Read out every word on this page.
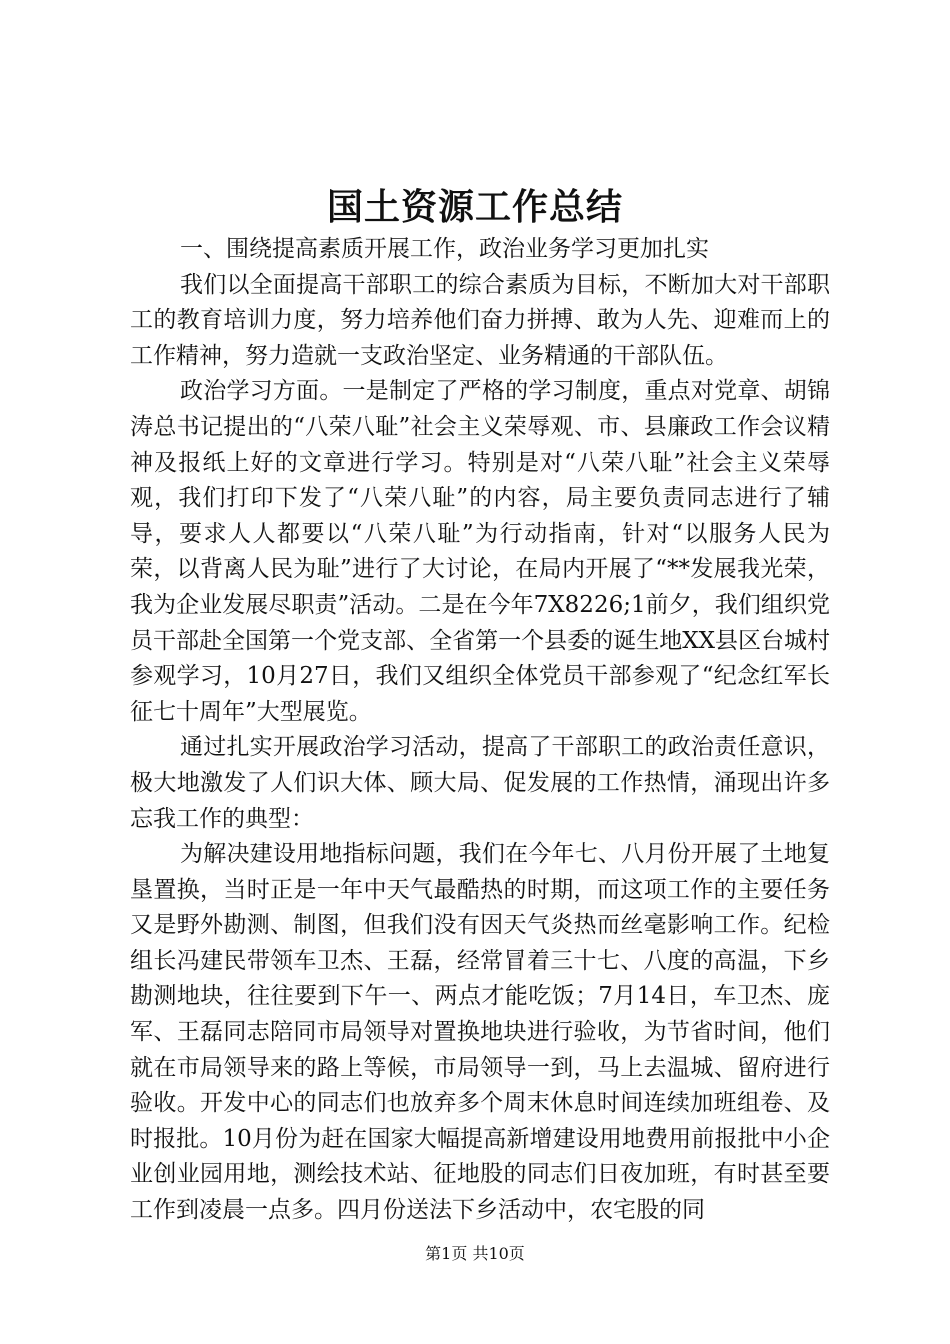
国土资源工作总结

一、围绕提高素质开展工作，政治业务学习更加扎实

我们以全面提高干部职工的综合素质为目标，不断加大对干部职工的教育培训力度，努力培养他们奋力拼搏、敢为人先、迎难而上的工作精神，努力造就一支政治坚定、业务精通的干部队伍。

政治学习方面。一是制定了严格的学习制度，重点对党章、胡锦涛总书记提出的“八荣八耻”社会主义荣辱观、市、县廉政工作会议精神及报纸上好的文章进行学习。特别是对“八荣八耻”社会主义荣辱观，我们打印下发了“八荣八耻”的内容，局主要负责同志进行了辅导，要求人人都要以“八荣八耻”为行动指南，针对“以服务人民为荣，以背离人民为耻”进行了大讨论，在局内开展了“**发展我光荣，我为企业发展尽职责”活动。二是在今年7X8226;1前夕，我们组织党员干部赴全国第一个党支部、全省第一个县委的诞生地XX县区台城村参观学习，10月27日，我们又组织全体党员干部参观了“纪念红军长征七十周年”大型展览。

通过扎实开展政治学习活动，提高了干部职工的政治责任意识，极大地激发了人们识大体、顾大局、促发展的工作热情，涌现出许多忘我工作的典型：

为解决建设用地指标问题，我们在今年七、八月份开展了土地复垦置换，当时正是一年中天气最酷热的时期，而这项工作的主要任务又是野外勘测、制图，但我们没有因天气炎热而丝毫影响工作。纪检组长冯建民带领车卫杰、王磊，经常冒着三十七、八度的高温，下乡勘测地块，往往要到下午一、两点才能吃饭；7月14日，车卫杰、庞军、王磊同志陪同市局领导对置换地块进行验收，为节省时间，他们就在市局领导来的路上等候，市局领导一到，马上去温城、留府进行验收。开发中心的同志们也放弃多个周末休息时间连续加班组卷、及时报批。10月份为赶在国家大幅提高新增建设用地费用前报批中小企业创业园用地，测绘技术站、征地股的同志们日夜加班，有时甚至要工作到凌晨一点多。四月份送法下乡活动中，农宅股的同

第1页 共10页
